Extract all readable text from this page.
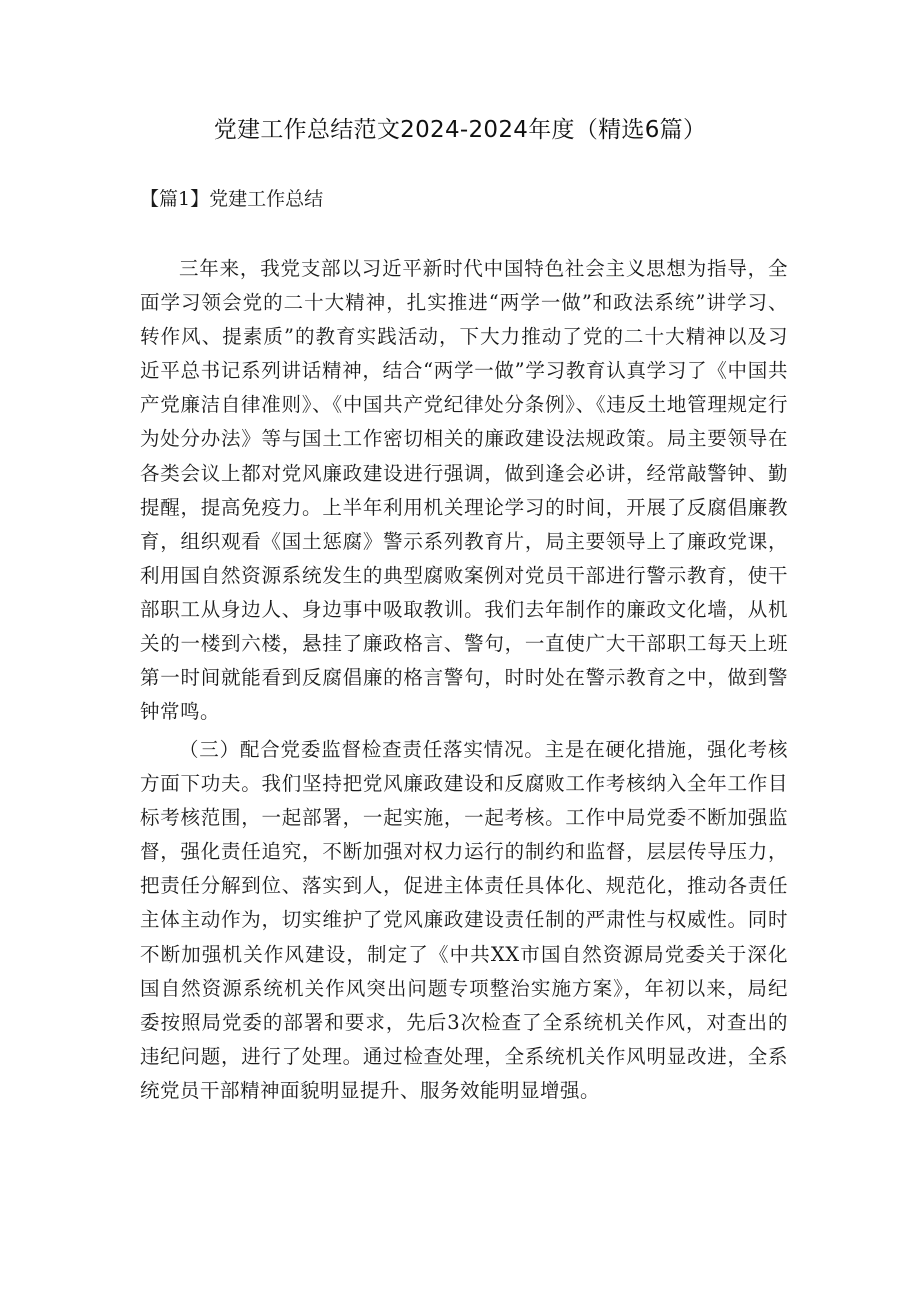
党建工作总结范文2024-2024年度（精选6篇）
【篇1】党建工作总结

三年来，我党支部以习近平新时代中国特色社会主义思想为指导，全面学习领会党的二十大精神，扎实推进“两学一做”和政法系统”讲学习、转作风、提素质”的教育实践活动，下大力推动了党的二十大精神以及习近平总书记系列讲话精神，结合“两学一做”学习教育认真学习了《中国共产党廉洁自律准则》、《中国共产党纪律处分条例》、《违反土地管理规定行为处分办法》等与国土工作密切相关的廉政建设法规政策。局主要领导在各类会议上都对党风廉政建设进行强调，做到逢会必讲，经常敲警钟、勤提醒，提高免疫力。上半年利用机关理论学习的时间，开展了反腐倡廉教育，组织观看《国土惩腐》警示系列教育片，局主要领导上了廉政党课，利用国自然资源系统发生的典型腐败案例对党员干部进行警示教育，使干部职工从身边人、身边事中吸取教训。我们去年制作的廉政文化墙，从机关的一楼到六楼，悬挂了廉政格言、警句，一直使广大干部职工每天上班第一时间就能看到反腐倡廉的格言警句，时时处在警示教育之中，做到警钟常鸣。

（三）配合党委监督检查责任落实情况。主是在硬化措施，强化考核方面下功夫。我们坚持把党风廉政建设和反腐败工作考核纳入全年工作目标考核范围，一起部署，一起实施，一起考核。工作中局党委不断加强监督，强化责任追究，不断加强对权力运行的制约和监督，层层传导压力，把责任分解到位、落实到人，促进主体责任具体化、规范化，推动各责任主体主动作为，切实维护了党风廉政建设责任制的严肃性与权威性。同时不断加强机关作风建设，制定了《中共XX市国自然资源局党委关于深化国自然资源系统机关作风突出问题专项整治实施方案》，年初以来，局纪委按照局党委的部署和要求，先后3次检查了全系统机关作风，对查出的违纪问题，进行了处理。通过检查处理，全系统机关作风明显改进，全系统党员干部精神面貌明显提升、服务效能明显增强。
